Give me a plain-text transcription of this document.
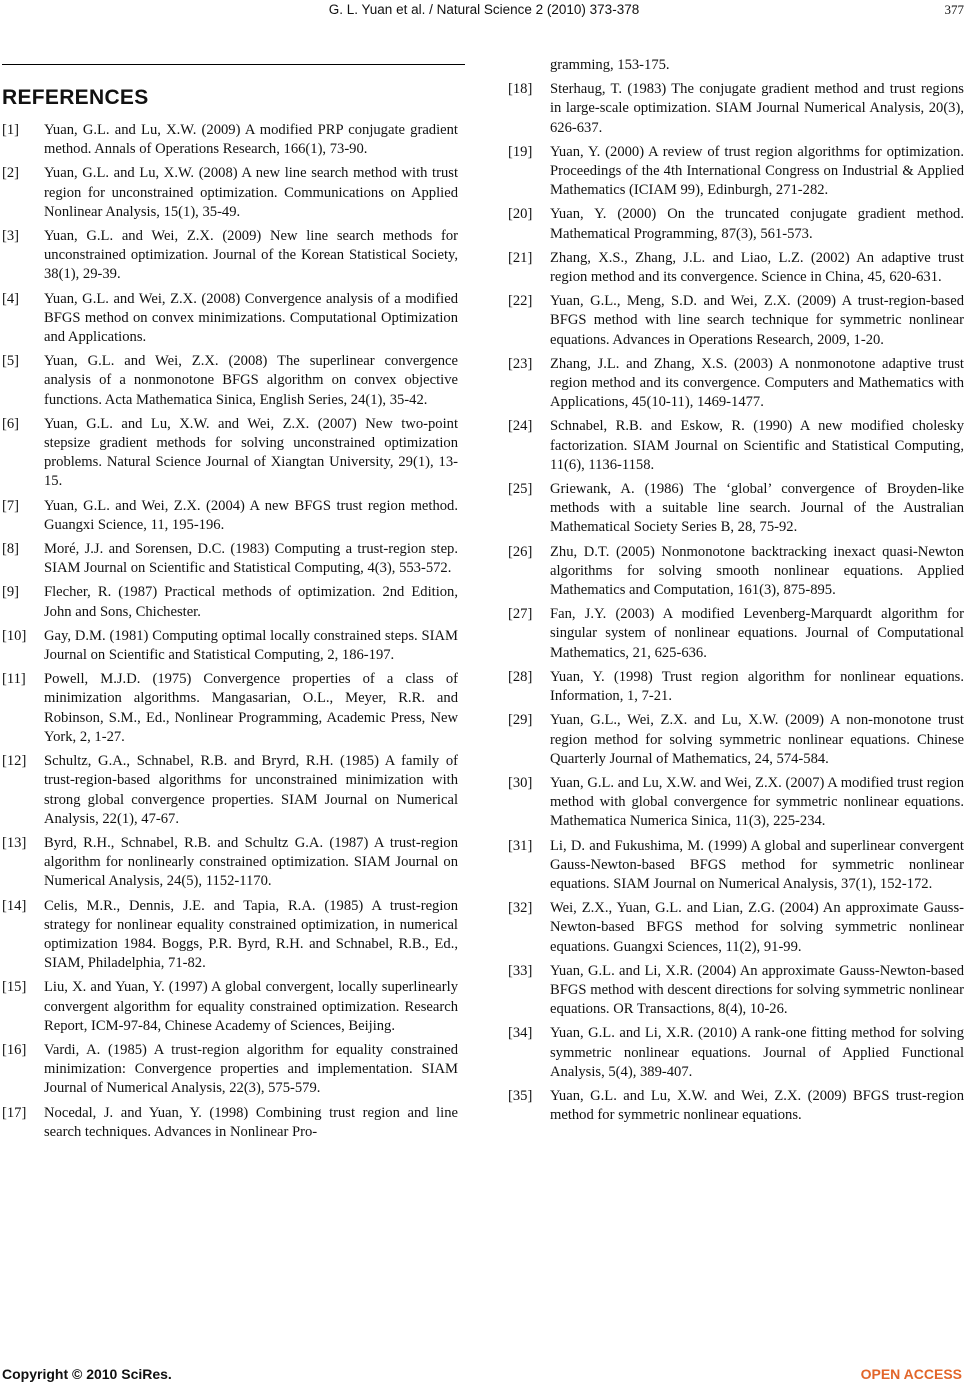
G. L. Yuan et al. / Natural Science 2 (2010) 373-378	377
REFERENCES
[1]	Yuan, G.L. and Lu, X.W. (2009) A modified PRP conjugate gradient method. Annals of Operations Research, 166(1), 73-90.
[2]	Yuan, G.L. and Lu, X.W. (2008) A new line search method with trust region for unconstrained optimization. Communications on Applied Nonlinear Analysis, 15(1), 35-49.
[3]	Yuan, G.L. and Wei, Z.X. (2009) New line search methods for unconstrained optimization. Journal of the Korean Statistical Society, 38(1), 29-39.
[4]	Yuan, G.L. and Wei, Z.X. (2008) Convergence analysis of a modified BFGS method on convex minimizations. Computational Optimization and Applications.
[5]	Yuan, G.L. and Wei, Z.X. (2008) The superlinear convergence analysis of a nonmonotone BFGS algorithm on convex objective functions. Acta Mathematica Sinica, English Series, 24(1), 35-42.
[6]	Yuan, G.L. and Lu, X.W. and Wei, Z.X. (2007) New two-point stepsize gradient methods for solving unconstrained optimization problems. Natural Science Journal of Xiangtan University, 29(1), 13-15.
[7]	Yuan, G.L. and Wei, Z.X. (2004) A new BFGS trust region method. Guangxi Science, 11, 195-196.
[8]	Moré, J.J. and Sorensen, D.C. (1983) Computing a trust-region step. SIAM Journal on Scientific and Statistical Computing, 4(3), 553-572.
[9]	Flecher, R. (1987) Practical methods of optimization. 2nd Edition, John and Sons, Chichester.
[10]	Gay, D.M. (1981) Computing optimal locally constrained steps. SIAM Journal on Scientific and Statistical Computing, 2, 186-197.
[11]	Powell, M.J.D. (1975) Convergence properties of a class of minimization algorithms. Mangasarian, O.L., Meyer, R.R. and Robinson, S.M., Ed., Nonlinear Programming, Academic Press, New York, 2, 1-27.
[12]	Schultz, G.A., Schnabel, R.B. and Bryrd, R.H. (1985) A family of trust-region-based algorithms for unconstrained minimization with strong global convergence properties. SIAM Journal on Numerical Analysis, 22(1), 47-67.
[13]	Byrd, R.H., Schnabel, R.B. and Schultz G.A. (1987) A trust-region algorithm for nonlinearly constrained optimization. SIAM Journal on Numerical Analysis, 24(5), 1152-1170.
[14]	Celis, M.R., Dennis, J.E. and Tapia, R.A. (1985) A trust-region strategy for nonlinear equality constrained optimization, in numerical optimization 1984. Boggs, P.R. Byrd, R.H. and Schnabel, R.B., Ed., SIAM, Philadelphia, 71-82.
[15]	Liu, X. and Yuan, Y. (1997) A global convergent, locally superlinearly convergent algorithm for equality constrained optimization. Research Report, ICM-97-84, Chinese Academy of Sciences, Beijing.
[16]	Vardi, A. (1985) A trust-region algorithm for equality constrained minimization: Convergence properties and implementation. SIAM Journal of Numerical Analysis, 22(3), 575-579.
[17]	Nocedal, J. and Yuan, Y. (1998) Combining trust region and line search techniques. Advances in Nonlinear Pro-
gramming, 153-175.
[18]	Sterhaug, T. (1983) The conjugate gradient method and trust regions in large-scale optimization. SIAM Journal Numerical Analysis, 20(3), 626-637.
[19]	Yuan, Y. (2000) A review of trust region algorithms for optimization. Proceedings of the 4th International Congress on Industrial & Applied Mathematics (ICIAM 99), Edinburgh, 271-282.
[20]	Yuan, Y. (2000) On the truncated conjugate gradient method. Mathematical Programming, 87(3), 561-573.
[21]	Zhang, X.S., Zhang, J.L. and Liao, L.Z. (2002) An adaptive trust region method and its convergence. Science in China, 45, 620-631.
[22]	Yuan, G.L., Meng, S.D. and Wei, Z.X. (2009) A trust-region-based BFGS method with line search technique for symmetric nonlinear equations. Advances in Operations Research, 2009, 1-20.
[23]	Zhang, J.L. and Zhang, X.S. (2003) A nonmonotone adaptive trust region method and its convergence. Computers and Mathematics with Applications, 45(10-11), 1469-1477.
[24]	Schnabel, R.B. and Eskow, R. (1990) A new modified cholesky factorization. SIAM Journal on Scientific and Statistical Computing, 11(6), 1136-1158.
[25]	Griewank, A. (1986) The ‘global’ convergence of Broyden-like methods with a suitable line search. Journal of the Australian Mathematical Society Series B, 28, 75-92.
[26]	Zhu, D.T. (2005) Nonmonotone backtracking inexact quasi-Newton algorithms for solving smooth nonlinear equations. Applied Mathematics and Computation, 161(3), 875-895.
[27]	Fan, J.Y. (2003) A modified Levenberg-Marquardt algorithm for singular system of nonlinear equations. Journal of Computational Mathematics, 21, 625-636.
[28]	Yuan, Y. (1998) Trust region algorithm for nonlinear equations. Information, 1, 7-21.
[29]	Yuan, G.L., Wei, Z.X. and Lu, X.W. (2009) A non-monotone trust region method for solving symmetric nonlinear equations. Chinese Quarterly Journal of Mathematics, 24, 574-584.
[30]	Yuan, G.L. and Lu, X.W. and Wei, Z.X. (2007) A modified trust region method with global convergence for symmetric nonlinear equations. Mathematica Numerica Sinica, 11(3), 225-234.
[31]	Li, D. and Fukushima, M. (1999) A global and superlinear convergent Gauss-Newton-based BFGS method for symmetric nonlinear equations. SIAM Journal on Numerical Analysis, 37(1), 152-172.
[32]	Wei, Z.X., Yuan, G.L. and Lian, Z.G. (2004) An approximate Gauss-Newton-based BFGS method for solving symmetric nonlinear equations. Guangxi Sciences, 11(2), 91-99.
[33]	Yuan, G.L. and Li, X.R. (2004) An approximate Gauss-Newton-based BFGS method with descent directions for solving symmetric nonlinear equations. OR Transactions, 8(4), 10-26.
[34]	Yuan, G.L. and Li, X.R. (2010) A rank-one fitting method for solving symmetric nonlinear equations. Journal of Applied Functional Analysis, 5(4), 389-407.
[35]	Yuan, G.L. and Lu, X.W. and Wei, Z.X. (2009) BFGS trust-region method for symmetric nonlinear equations.
Copyright © 2010 SciRes.	OPEN ACCESS
